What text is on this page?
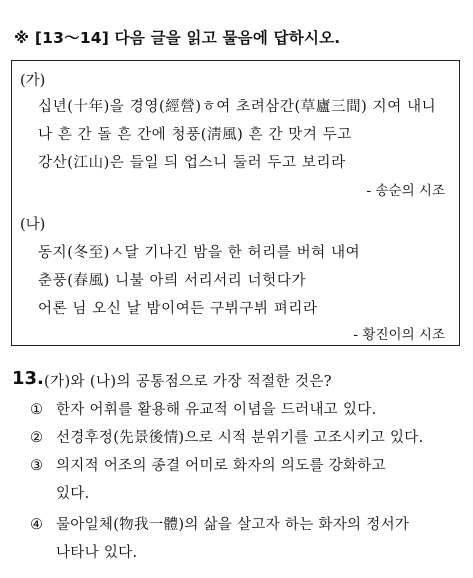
※ [13～14] 다음 글을 읽고 물음에 답하시오.
(가)
십년(十年)을 경영(經營)ㅎ여 초려삼간(草廬三間) 지여 내니
나 흔 간 돌 흔 간에 청풍(淸風) 흔 간 맛겨 두고
강산(江山)은 들일 듸 업스니 둘러 두고 보리라
- 송순의 시조
(나)
동지(冬至)ㅅ달 기나긴 밤을 한 허리를 버혀 내여
춘풍(春風) 니불 아릐 서리서리 너헛다가
어론 님 오신 날 밤이여든 구뷔구뷔 펴리라
- 황진이의 시조
13. (가)와 (나)의 공통점으로 가장 적절한 것은?
① 한자 어휘를 활용해 유교적 이념을 드러내고 있다.
② 선경후정(先景後情)으로 시적 분위기를 고조시키고 있다.
③ 의지적 어조의 종결 어미로 화자의 의도를 강화하고
있다.
④ 물아일체(物我一體)의 삶을 살고자 하는 화자의 정서가
나타나 있다.
